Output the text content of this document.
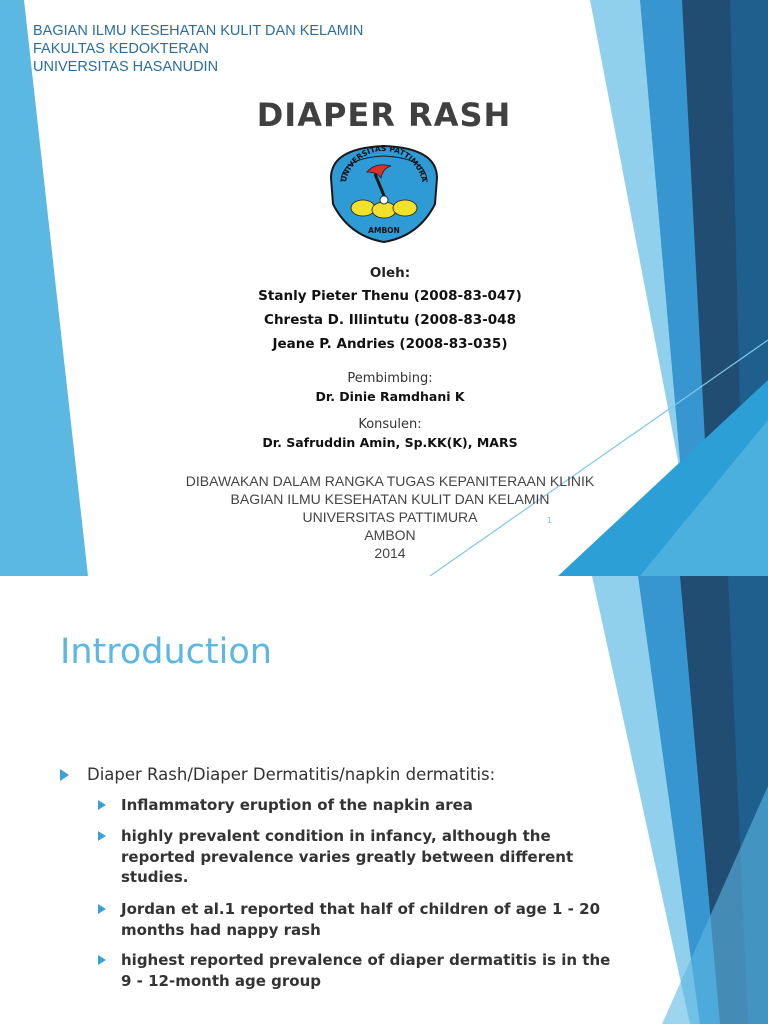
BAGIAN ILMU KESEHATAN KULIT DAN KELAMIN
FAKULTAS KEDOKTERAN
UNIVERSITAS HASANUDIN
DIAPER RASH
UNIVERSITAS PATTIMURA
AMBON
Oleh:
Stanly Pieter Thenu (2008-83-047)
Chresta D. Illintutu (2008-83-048
Jeane P. Andries (2008-83-035)
Pembimbing:
Dr. Dinie Ramdhani K
Konsulen:
Dr. Safruddin Amin, Sp.KK(K), MARS
DIBAWAKAN DALAM RANGKA TUGAS KEPANITERAAN KLINIK
BAGIAN ILMU KESEHATAN KULIT DAN KELAMIN
UNIVERSITAS PATTIMURA
AMBON
2014
1
Introduction
Diaper Rash/Diaper Dermatitis/napkin dermatitis:
Inflammatory eruption of the napkin area
highly prevalent condition in infancy, although the
reported prevalence varies greatly between different
studies.
Jordan et al.1 reported that half of children of age 1 - 20
months had nappy rash
highest reported prevalence of diaper dermatitis is in the
9 - 12-month age group
